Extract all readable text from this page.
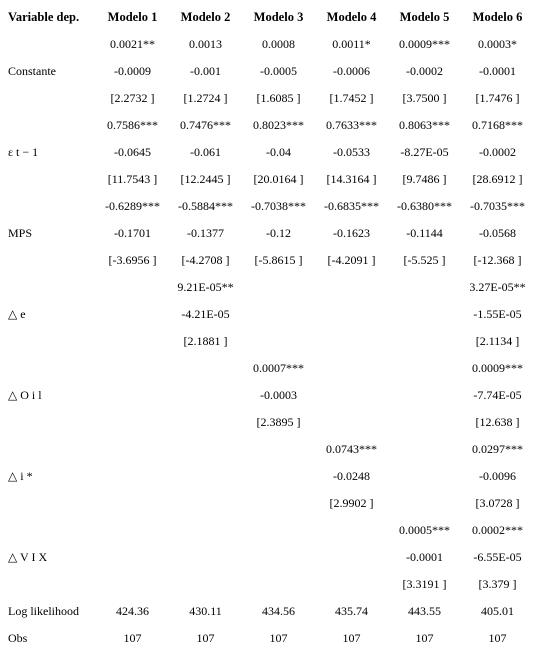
Variable dep.	Modelo 1	Modelo 2	Modelo 3	Modelo 4	Modelo 5	Modelo 6
	0.0021**	0.0013	0.0008	0.0011*	0.0009***	0.0003*
Constante	-0.0009	-0.001	-0.0005	-0.0006	-0.0002	-0.0001
	[2.2732 ]	[1.2724 ]	[1.6085 ]	[1.7452 ]	[3.7500 ]	[1.7476 ]
	0.7586***	0.7476***	0.8023***	0.7633***	0.8063***	0.7168***
ε t − 1	-0.0645	-0.061	-0.04	-0.0533	-8.27E-05	-0.0002
	[11.7543 ]	[12.2445 ]	[20.0164 ]	[14.3164 ]	[9.7486 ]	[28.6912 ]
	-0.6289***	-0.5884***	-0.7038***	-0.6835***	-0.6380***	-0.7035***
MPS	-0.1701	-0.1377	-0.12	-0.1623	-0.1144	-0.0568
	[-3.6956 ]	[-4.2708 ]	[-5.8615 ]	[-4.2091 ]	[-5.525 ]	[-12.368 ]
		9.21E-05**				3.27E-05**
△ e		-4.21E-05				-1.55E-05
		[2.1881 ]				[2.1134 ]
			0.0007***			0.0009***
△ O i l			-0.0003			-7.74E-05
			[2.3895 ]			[12.638 ]
				0.0743***		0.0297***
△ i *				-0.0248		-0.0096
				[2.9902 ]		[3.0728 ]
					0.0005***	0.0002***
△ V I X					-0.0001	-6.55E-05
					[3.3191 ]	[3.379 ]
Log likelihood	424.36	430.11	434.56	435.74	443.55	405.01
Obs	107	107	107	107	107	107
